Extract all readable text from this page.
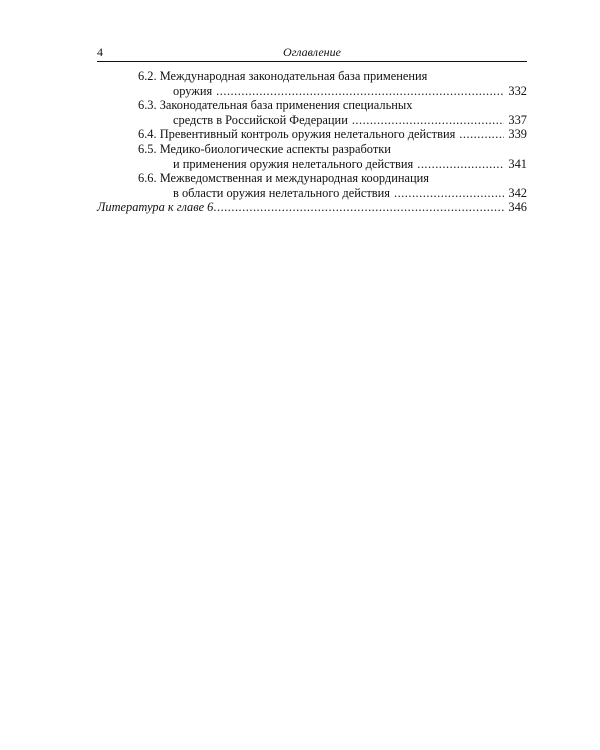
4	Оглавление
6.2. Международная законодательная база применения
оружия .....	332
6.3. Законодательная база применения специальных
средств в Российской Федерации .....	337
6.4. Превентивный контроль оружия нелетального действия .....	339
6.5. Медико-биологические аспекты разработки
и применения оружия нелетального действия .....	341
6.6. Межведомственная и международная координация
в области оружия нелетального действия .....	342
Литература к главе 6 .....	346
